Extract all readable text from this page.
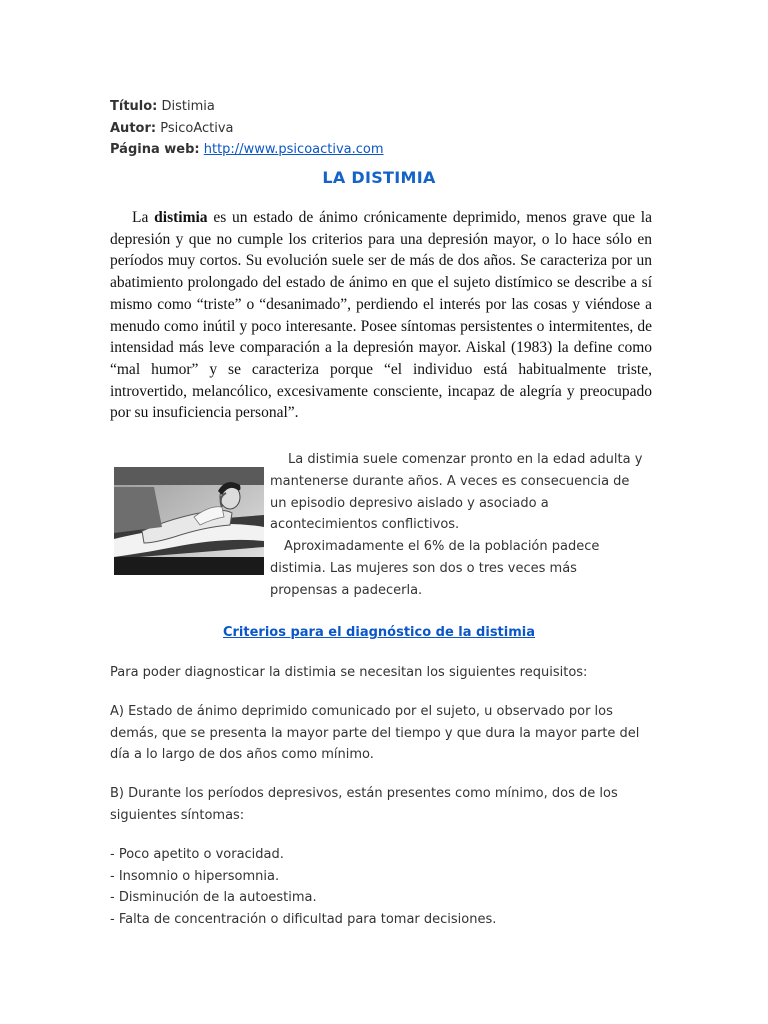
Título: Distimia
Autor: PsicoActiva
Página web: http://www.psicoactiva.com
LA DISTIMIA
La distimia es un estado de ánimo crónicamente deprimido, menos grave que la depresión y que no cumple los criterios para una depresión mayor, o lo hace sólo en períodos muy cortos. Su evolución suele ser de más de dos años. Se caracteriza por un abatimiento prolongado del estado de ánimo en que el sujeto distímico se describe a sí mismo como “triste” o “desanimado”, perdiendo el interés por las cosas y viéndose a menudo como inútil y poco interesante. Posee síntomas persistentes o intermitentes, de intensidad más leve comparación a la depresión mayor. Aiskal (1983) la define como “mal humor” y se caracteriza porque “el individuo está habitualmente triste, introvertido, melancólico, excesivamente consciente, incapaz de alegría y preocupado por su insuficiencia personal”.
La distimia suele comenzar pronto en la edad adulta y mantenerse durante años. A veces es consecuencia de un episodio depresivo aislado y asociado a acontecimientos conflictivos.
Aproximadamente el 6% de la población padece distimia. Las mujeres son dos o tres veces más propensas a padecerla.
Criterios para el diagnóstico de la distimia

Para poder diagnosticar la distimia se necesitan los siguientes requisitos:

A) Estado de ánimo deprimido comunicado por el sujeto, u observado por los demás, que se presenta la mayor parte del tiempo y que dura la mayor parte del día a lo largo de dos años como mínimo.

B) Durante los períodos depresivos, están presentes como mínimo, dos de los siguientes síntomas:

- Poco apetito o voracidad.
- Insomnio o hipersomnia.
- Disminución de la autoestima.
- Falta de concentración o dificultad para tomar decisiones.
